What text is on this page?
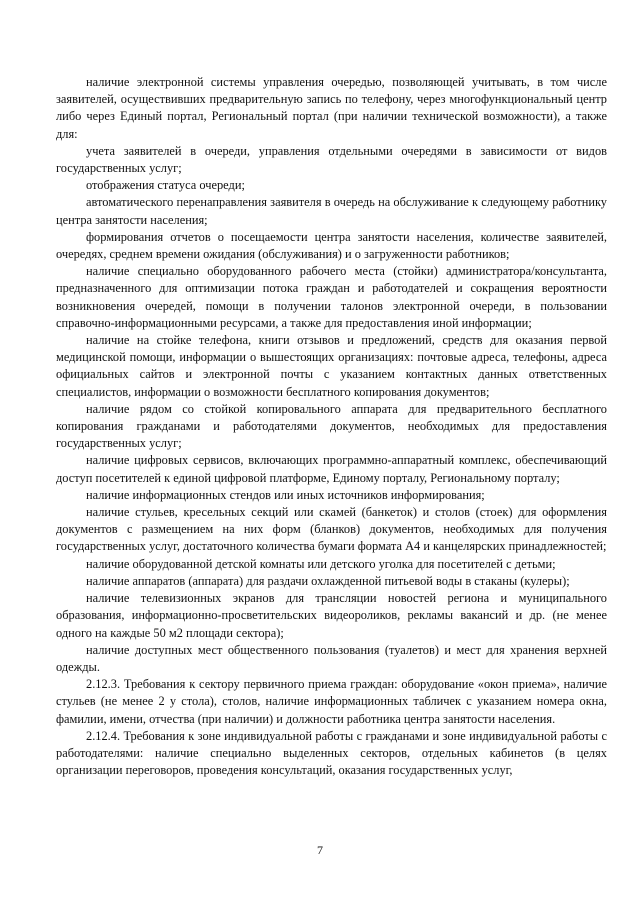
наличие электронной системы управления очередью, позволяющей учитывать, в том числе заявителей, осуществивших предварительную запись по телефону, через многофункциональный центр либо через Единый портал, Региональный портал (при наличии технической возможности), а также для:

учета заявителей в очереди, управления отдельными очередями в зависимости от видов государственных услуг;

отображения статуса очереди;

автоматического перенаправления заявителя в очередь на обслуживание к следующему работнику центра занятости населения;

формирования отчетов о посещаемости центра занятости населения, количестве заявителей, очередях, среднем времени ожидания (обслуживания) и о загруженности работников;

наличие специально оборудованного рабочего места (стойки) администратора/консультанта, предназначенного для оптимизации потока граждан и работодателей и сокращения вероятности возникновения очередей, помощи в получении талонов электронной очереди, в пользовании справочно-информационными ресурсами, а также для предоставления иной информации;

наличие на стойке телефона, книги отзывов и предложений, средств для оказания первой медицинской помощи, информации о вышестоящих организациях: почтовые адреса, телефоны, адреса официальных сайтов и электронной почты с указанием контактных данных ответственных специалистов, информации о возможности бесплатного копирования документов;

наличие рядом со стойкой копировального аппарата для предварительного бесплатного копирования гражданами и работодателями документов, необходимых для предоставления государственных услуг;

наличие цифровых сервисов, включающих программно-аппаратный комплекс, обеспечивающий доступ посетителей к единой цифровой платформе, Единому порталу, Региональному порталу;

наличие информационных стендов или иных источников информирования;

наличие стульев, кресельных секций или скамей (банкеток) и столов (стоек) для оформления документов с размещением на них форм (бланков) документов, необходимых для получения государственных услуг, достаточного количества бумаги формата А4 и канцелярских принадлежностей;

наличие оборудованной детской комнаты или детского уголка для посетителей с детьми;

наличие аппаратов (аппарата) для раздачи охлажденной питьевой воды в стаканы (кулеры);

наличие телевизионных экранов для трансляции новостей региона и муниципального образования, информационно-просветительских видеороликов, рекламы вакансий и др. (не менее одного на каждые 50 м2 площади сектора);

наличие доступных мест общественного пользования (туалетов) и мест для хранения верхней одежды.

2.12.3. Требования к сектору первичного приема граждан: оборудование «окон приема», наличие стульев (не менее 2 у стола), столов, наличие информационных табличек с указанием номера окна, фамилии, имени, отчества (при наличии) и должности работника центра занятости населения.

2.12.4. Требования к зоне индивидуальной работы с гражданами и зоне индивидуальной работы с работодателями: наличие специально выделенных секторов, отдельных кабинетов (в целях организации переговоров, проведения консультаций, оказания государственных услуг,

7
